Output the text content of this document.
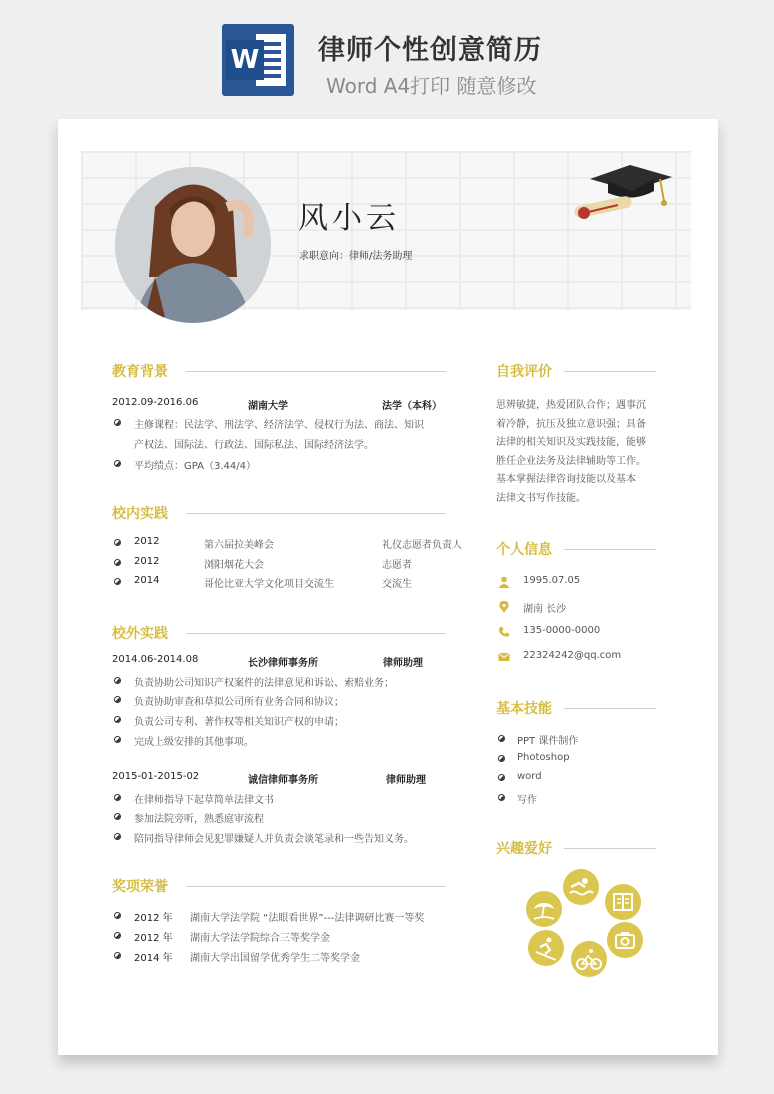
W 律师个性创意简历
Word A4打印 随意修改
风小云
求职意向：律师/法务助理
教育背景
2012.09-2016.06	湖南大学	法学（本科）
主修课程：民法学、刑法学、经济法学、侵权行为法、商法、知识
产权法、国际法、行政法、国际私法、国际经济法学。
平均绩点：GPA（3.44/4）
校内实践
校外实践
奖项荣誉
自我评价
思辨敏捷，热爱团队合作；遇事沉
着冷静，抗压及独立意识强；具备
法律的相关知识及实践技能，能够
胜任企业法务及法律辅助等工作。
基本掌握法律咨询技能以及基本
法律文书写作技能。
个人信息
1995.07.05
湖南 长沙
135-0000-0000
22324242@qq.com
基本技能
兴趣爱好
2012	第六届拉美峰会	礼仪志愿者负责人
2012	浏阳烟花大会	志愿者
2014	哥伦比亚大学文化项目交流生	交流生
2014.06-2014.08	长沙律师事务所	律师助理
负责协助公司知识产权案件的法律意见和诉讼、索赔业务；
负责协助审查和草拟公司所有业务合同和协议；
负责公司专利、著作权等相关知识产权的申请；
完成上级安排的其他事项。
2015-01-2015-02	诚信律师事务所	律师助理
在律师指导下起草简单法律文书
参加法院旁听，熟悉庭审流程
陪同指导律师会见犯罪嫌疑人并负责会谈笔录和一些告知义务。
2012 年 湖南大学法学院 “法眼看世界”---法律调研比赛一等奖
2012 年 湖南大学法学院综合三等奖学金
2014 年 湖南大学出国留学优秀学生二等奖学金
PPT 课件制作
Photoshop
word
写作
